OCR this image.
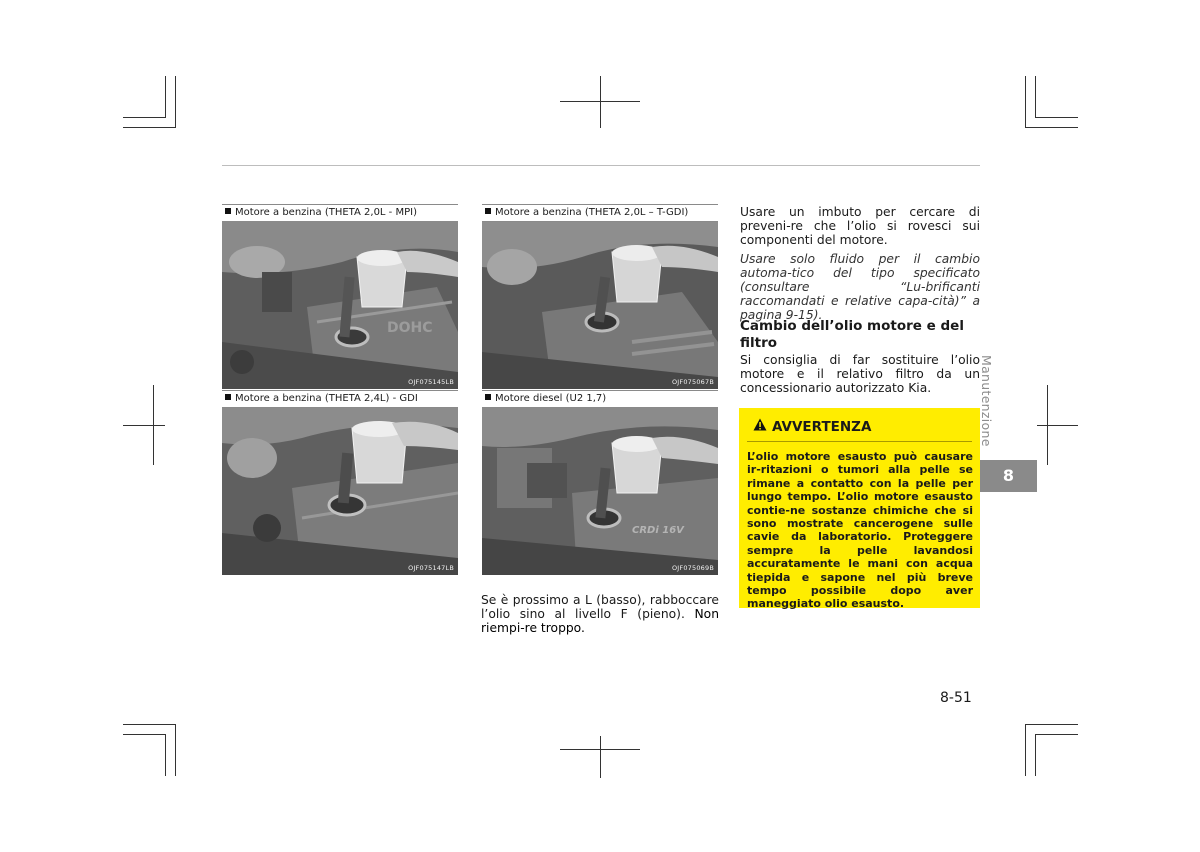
Motore a benzina (THETA 2,0L - MPI)
DOHC
OJF075145LB
Motore a benzina (THETA 2,0L – T-GDI)
OJF075067B
Motore a benzina (THETA 2,4L) - GDI
OJF075147LB
Motore diesel (U2 1,7)
CRDi 16V
OJF075069B
Se è prossimo a L (basso), rabboccare l’olio sino al livello F (pieno). Non riempi-re troppo.
Usare un imbuto per cercare di preveni-re che l’olio si rovesci sui componenti del motore.
Usare solo fluido per il cambio automa-tico del tipo specificato (consultare “Lu-brificanti raccomandati e relative capa-cità)” a pagina 9-15).
Cambio dell’olio motore e del filtro
Si consiglia di far sostituire l’olio motore e il relativo filtro da un concessionario autorizzato Kia.
AVVERTENZA
L’olio motore esausto può causare ir-ritazioni o tumori alla pelle se rimane a contatto con la pelle per lungo tempo. L’olio motore esausto contie-ne sostanze chimiche che si sono mostrate cancerogene sulle cavie da laboratorio. Proteggere sempre la pelle lavandosi accuratamente le mani con acqua tiepida e sapone nel più breve tempo possibile dopo aver maneggiato olio esausto.
Manutenzione
8
8-51
